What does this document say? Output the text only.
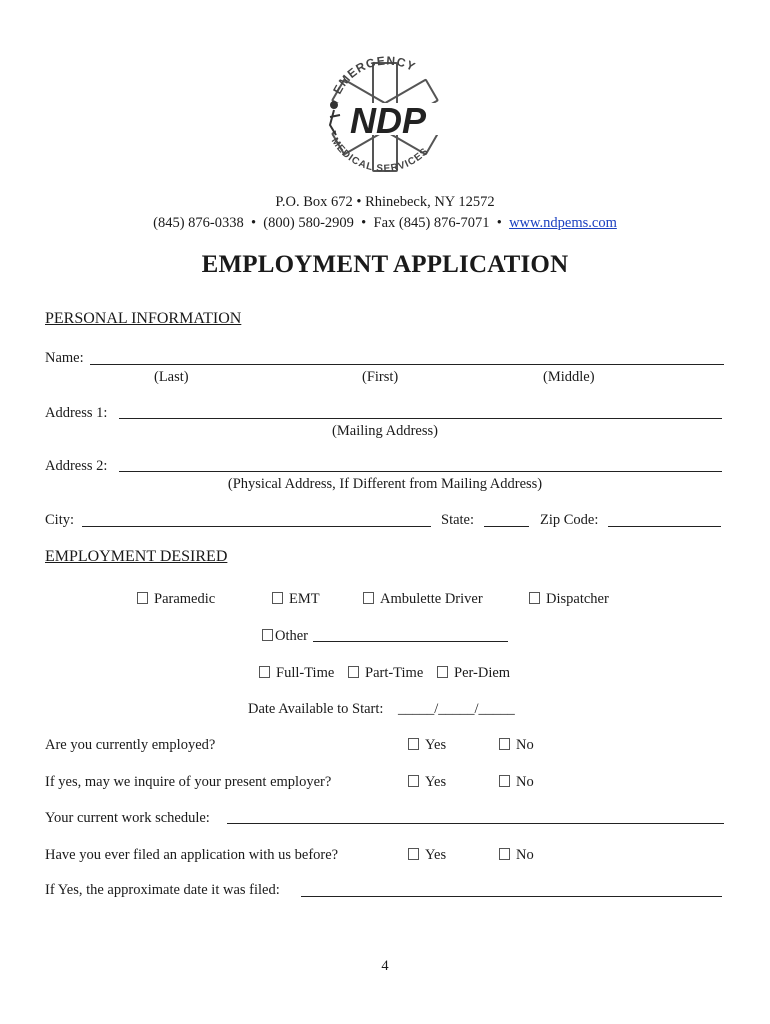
EMERGENCY
MEDICAL SERVICES
NDP
P.O. Box 672 • Rhinebeck, NY 12572
(845) 876-0338  •  (800) 580-2909  •  Fax (845) 876-7071  •  www.ndpems.com
EMPLOYMENT APPLICATION
PERSONAL INFORMATION
Name:
(Last)	(First)	(Middle)
Address 1:
(Mailing Address)
Address 2:
(Physical Address, If Different from Mailing Address)
City:	State:	Zip Code:
EMPLOYMENT DESIRED
Paramedic	EMT	Ambulette Driver	Dispatcher
Other
Full-Time	Part-Time	Per-Diem
Date Available to Start: _____/_____/_____
Are you currently employed?	Yes	No
If yes, may we inquire of your present employer?	Yes	No
Your current work schedule:
Have you ever filed an application with us before?	Yes	No
If Yes, the approximate date it was filed:
4
